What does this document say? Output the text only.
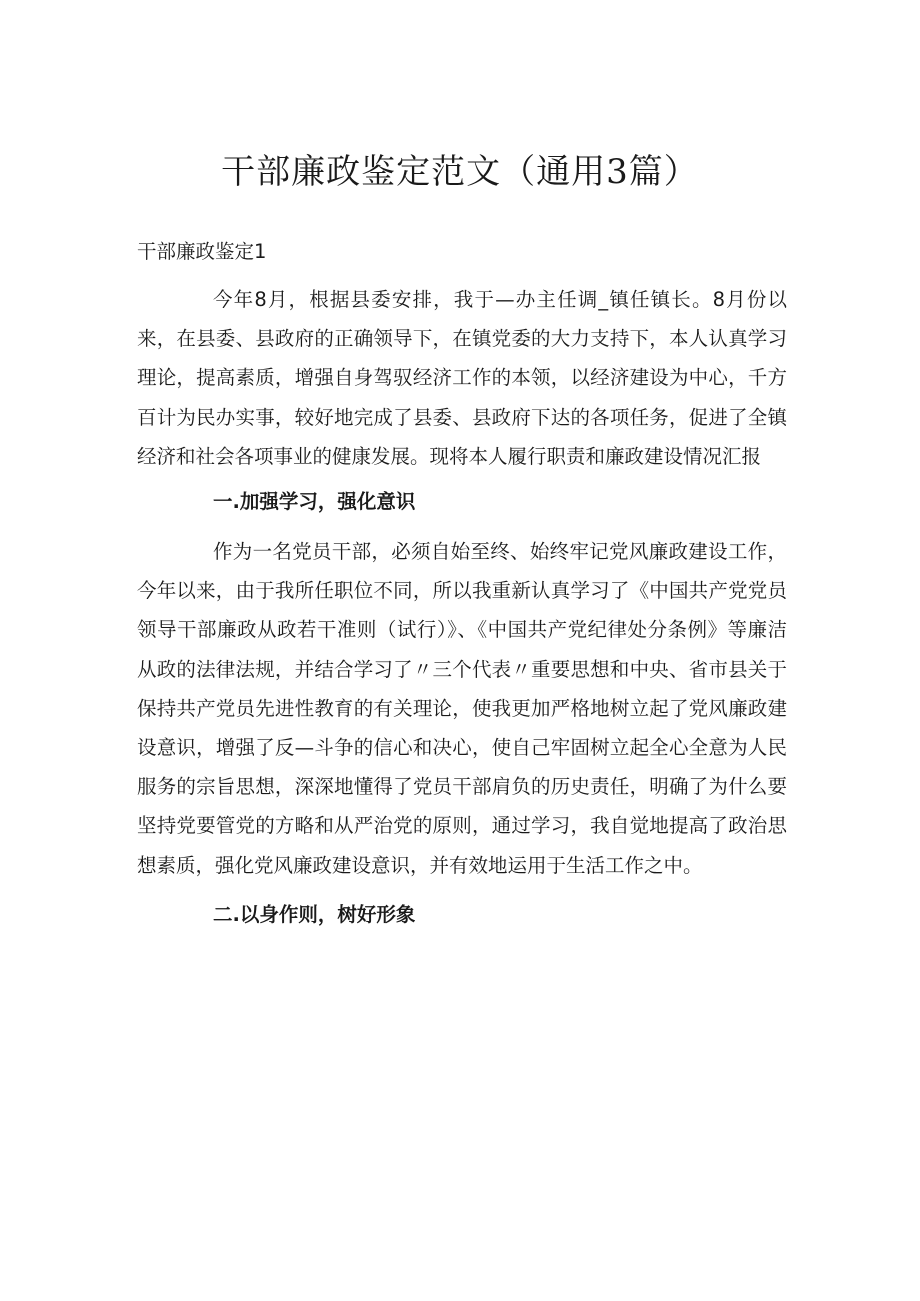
干部廉政鉴定范文（通用3篇）
干部廉政鉴定1

今年8月，根据县委安排，我于—办主任调_镇任镇长。8月份以来，在县委、县政府的正确领导下，在镇党委的大力支持下，本人认真学习理论，提高素质，增强自身驾驭经济工作的本领，以经济建设为中心，千方百计为民办实事，较好地完成了县委、县政府下达的各项任务，促进了全镇经济和社会各项事业的健康发展。现将本人履行职责和廉政建设情况汇报

一.加强学习，强化意识

作为一名党员干部，必须自始至终、始终牢记党风廉政建设工作，今年以来，由于我所任职位不同，所以我重新认真学习了《中国共产党党员领导干部廉政从政若干准则（试行）》、《中国共产党纪律处分条例》等廉洁从政的法律法规，并结合学习了〃三个代表〃重要思想和中央、省市县关于保持共产党员先进性教育的有关理论，使我更加严格地树立起了党风廉政建设意识，增强了反—斗争的信心和决心，使自己牢固树立起全心全意为人民服务的宗旨思想，深深地懂得了党员干部肩负的历史责任，明确了为什么要坚持党要管党的方略和从严治党的原则，通过学习，我自觉地提高了政治思想素质，强化党风廉政建设意识，并有效地运用于生活工作之中。

二.以身作则，树好形象
